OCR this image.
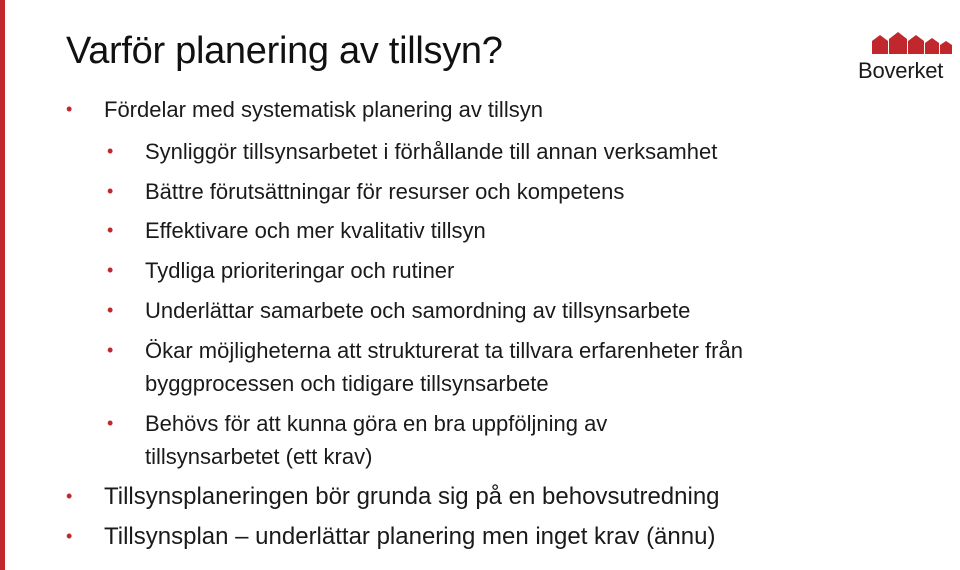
Varför planering av tillsyn?	Boverket
• Fördelar med systematisk planering av tillsyn
• Synliggör tillsynsarbetet i förhållande till annan verksamhet
• Bättre förutsättningar för resurser och kompetens
• Effektivare och mer kvalitativ tillsyn
• Tydliga prioriteringar och rutiner
• Underlättar samarbete och samordning av tillsynsarbete
• Ökar möjligheterna att strukturerat ta tillvara erfarenheter från byggprocessen och tidigare tillsynsarbete
• Behövs för att kunna göra en bra uppföljning av tillsynsarbetet (ett krav)
• Tillsynsplaneringen bör grunda sig på en behovsutredning
• Tillsynsplan – underlättar planering men inget krav (ännu)
